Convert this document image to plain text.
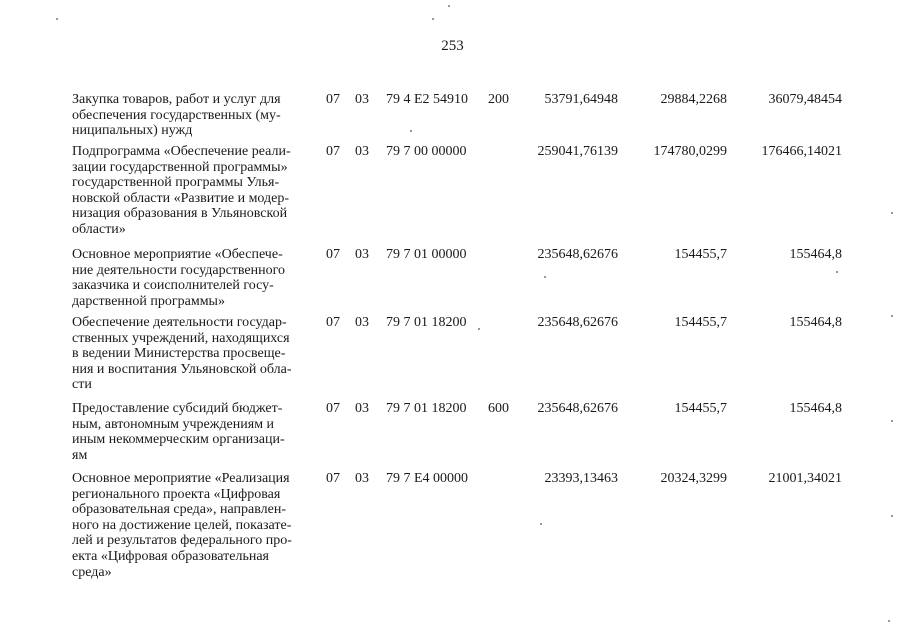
253
Закупка товаров, работ и услуг для
обеспечения государственных (му-
ниципальных) нужд
07 03 79 4 Е2 54910 200	53791,64948	29884,2268	36079,48454
Подпрограмма «Обеспечение реали-
зации государственной программы»
государственной программы Улья-
новской области «Развитие и модер-
низация образования в Ульяновской
области»
07 03 79 7 00 00000	259041,76139	174780,0299	176466,14021
Основное мероприятие «Обеспече-
ние деятельности государственного
заказчика и соисполнителей госу-
дарственной программы»
07 03 79 7 01 00000	235648,62676	154455,7	155464,8
Обеспечение деятельности государ-
ственных учреждений, находящихся
в ведении Министерства просвеще-
ния и воспитания Ульяновской обла-
сти
07 03 79 7 01 18200	235648,62676	154455,7	155464,8
Предоставление субсидий бюджет-
ным, автономным учреждениям и
иным некоммерческим организаци-
ям
07 03 79 7 01 18200 600	235648,62676	154455,7	155464,8
Основное мероприятие «Реализация
регионального проекта «Цифровая
образовательная среда», направлен-
ного на достижение целей, показате-
лей и результатов федерального про-
екта «Цифровая образовательная
среда»
07 03 79 7 Е4 00000	23393,13463	20324,3299	21001,34021
